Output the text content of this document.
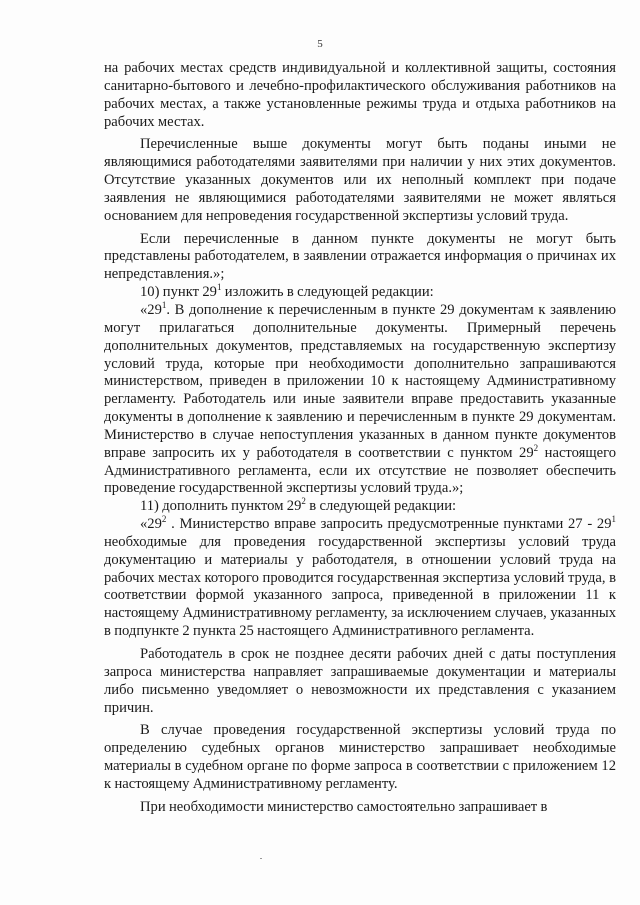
5

на рабочих местах средств индивидуальной и коллективной защиты, состояния санитарно-бытового и лечебно-профилактического обслуживания работников на рабочих местах, а также установленные режимы труда и отдыха работников на рабочих местах.

Перечисленные выше документы могут быть поданы иными не являющимися работодателями заявителями при наличии у них этих документов. Отсутствие указанных документов или их неполный комплект при подаче заявления не являющимися работодателями заявителями не может являться основанием для непроведения государственной экспертизы условий труда.

Если перечисленные в данном пункте документы не могут быть представлены работодателем, в заявлении отражается информация о причинах их непредставления.»;

10) пункт $29^1$ изложить в следующей редакции:

«$29^1$. В дополнение к перечисленным в пункте 29 документам к заявлению могут прилагаться дополнительные документы. Примерный перечень дополнительных документов, представляемых на государственную экспертизу условий труда, которые при необходимости дополнительно запрашиваются министерством, приведен в приложении 10 к настоящему Административному регламенту. Работодатель или иные заявители вправе предоставить указанные документы в дополнение к заявлению и перечисленным в пункте 29 документам. Министерство в случае непоступления указанных в данном пункте документов вправе запросить их у работодателя в соответствии с пунктом $29^2$ настоящего Административного регламента, если их отсутствие не позволяет обеспечить проведение государственной экспертизы условий труда.»;

11) дополнить пунктом $29^2$ в следующей редакции:

«$29^2$ . Министерство вправе запросить предусмотренные пунктами $27 - 29^1$ необходимые для проведения государственной экспертизы условий труда документацию и материалы у работодателя, в отношении условий труда на рабочих местах которого проводится государственная экспертиза условий труда, в соответствии формой указанного запроса, приведенной в приложении 11 к настоящему Административному регламенту, за исключением случаев, указанных в подпункте 2 пункта 25 настоящего Административного регламента.

Работодатель в срок не позднее десяти рабочих дней с даты поступления запроса министерства направляет запрашиваемые документации и материалы либо письменно уведомляет о невозможности их представления с указанием причин.

В случае проведения государственной экспертизы условий труда по определению судебных органов министерство запрашивает необходимые материалы в судебном органе по форме запроса в соответствии с приложением 12 к настоящему Административному регламенту.

При необходимости министерство самостоятельно запрашивает в
